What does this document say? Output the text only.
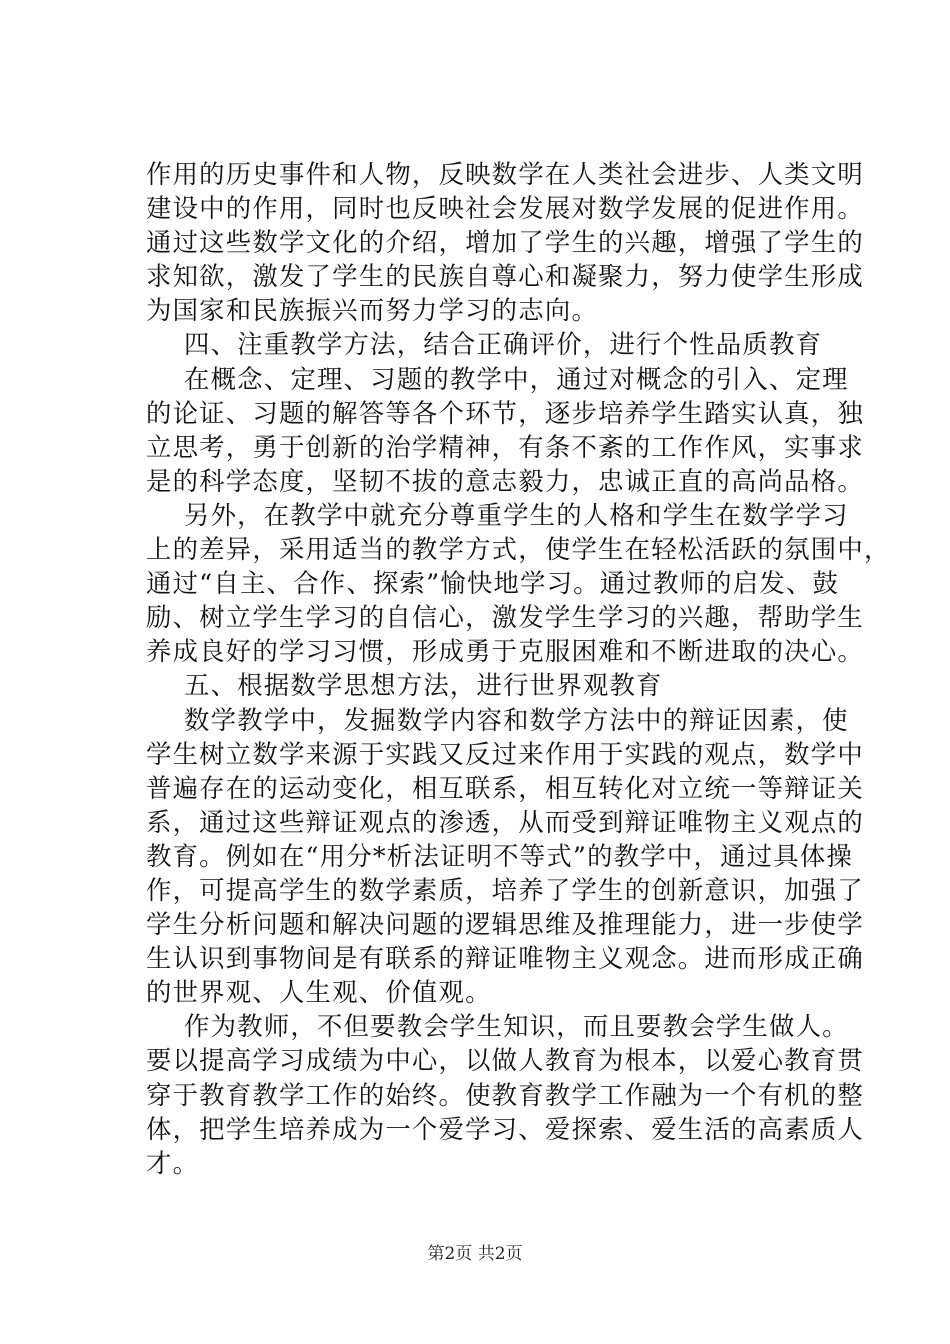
作用的历史事件和人物，反映数学在人类社会进步、人类文明
建设中的作用，同时也反映社会发展对数学发展的促进作用。
通过这些数学文化的介绍，增加了学生的兴趣，增强了学生的
求知欲，激发了学生的民族自尊心和凝聚力，努力使学生形成
为国家和民族振兴而努力学习的志向。
四、注重教学方法，结合正确评价，进行个性品质教育
在概念、定理、习题的教学中，通过对概念的引入、定理
的论证、习题的解答等各个环节，逐步培养学生踏实认真，独
立思考，勇于创新的治学精神，有条不紊的工作作风，实事求
是的科学态度，坚韧不拔的意志毅力，忠诚正直的高尚品格。
另外，在教学中就充分尊重学生的人格和学生在数学学习
上的差异，采用适当的教学方式，使学生在轻松活跃的氛围中，
通过“自主、合作、探索”愉快地学习。通过教师的启发、鼓
励、树立学生学习的自信心，激发学生学习的兴趣，帮助学生
养成良好的学习习惯，形成勇于克服困难和不断进取的决心。
五、根据数学思想方法，进行世界观教育
数学教学中，发掘数学内容和数学方法中的辩证因素，使
学生树立数学来源于实践又反过来作用于实践的观点，数学中
普遍存在的运动变化，相互联系，相互转化对立统一等辩证关
系，通过这些辩证观点的渗透，从而受到辩证唯物主义观点的
教育。例如在“用分*析法证明不等式”的教学中，通过具体操
作，可提高学生的数学素质，培养了学生的创新意识，加强了
学生分析问题和解决问题的逻辑思维及推理能力，进一步使学
生认识到事物间是有联系的辩证唯物主义观念。进而形成正确
的世界观、人生观、价值观。
作为教师，不但要教会学生知识，而且要教会学生做人。
要以提高学习成绩为中心，以做人教育为根本，以爱心教育贯
穿于教育教学工作的始终。使教育教学工作融为一个有机的整
体，把学生培养成为一个爱学习、爱探索、爱生活的高素质人
才。
第2页 共2页
